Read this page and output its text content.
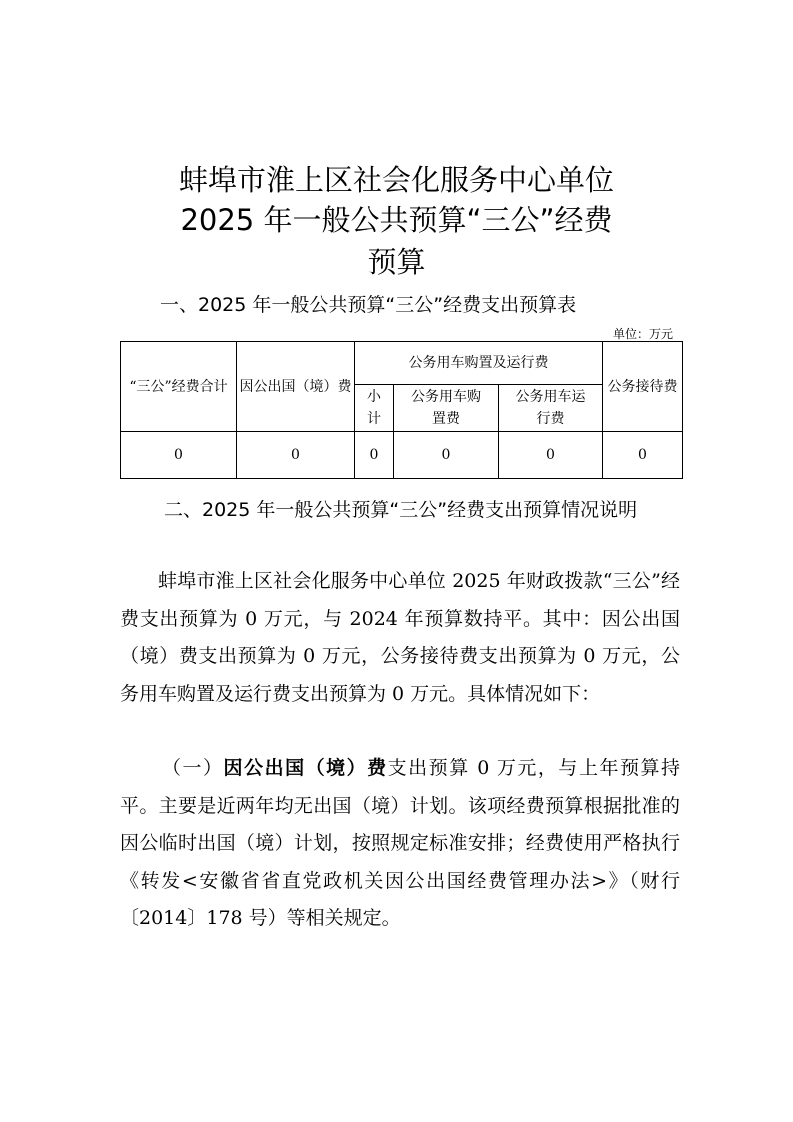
蚌埠市淮上区社会化服务中心单位
2025 年一般公共预算“三公”经费
预算
一、2025 年一般公共预算“三公”经费支出预算表
单位：万元
“三公”经费合计	因公出国（境）费	公务用车购置及运行费			公务接待费
		小计	公务用车购置费	公务用车运行费	
0	0	0	0	0	0
二、2025 年一般公共预算“三公”经费支出预算情况说明
蚌埠市淮上区社会化服务中心单位 2025 年财政拨款“三公”经费支出预算为 0 万元，与 2024 年预算数持平。其中：因公出国（境）费支出预算为 0 万元，公务接待费支出预算为 0 万元，公务用车购置及运行费支出预算为 0 万元。具体情况如下：
（一）因公出国（境）费支出预算 0 万元，与上年预算持平。主要是近两年均无出国（境）计划。该项经费预算根据批准的因公临时出国（境）计划，按照规定标准安排；经费使用严格执行《转发<安徽省省直党政机关因公出国经费管理办法>》（财行〔2014〕178 号）等相关规定。
